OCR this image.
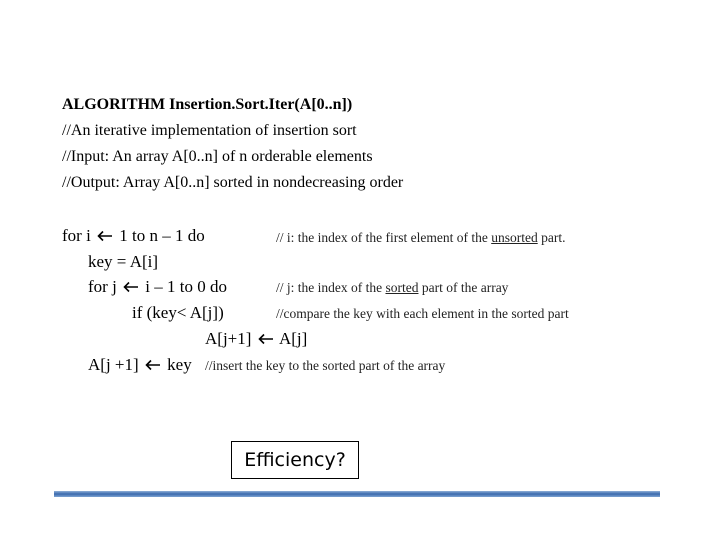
ALGORITHM Insertion.Sort.Iter(A[0..n])
//An iterative implementation of insertion sort
//Input: An array A[0..n] of n orderable elements
//Output: Array A[0..n] sorted in nondecreasing order
for i 1 to n – 1 do
key = A[i]
for j i – 1 to 0 do
if (key< A[j])
A[j+1] A[j]
A[j +1] key
// i: the index of the first element of the unsorted part.
// j: the index of the sorted part of the array
//compare the key with each element in the sorted part
//insert the key to the sorted part of the array
Efficiency?
